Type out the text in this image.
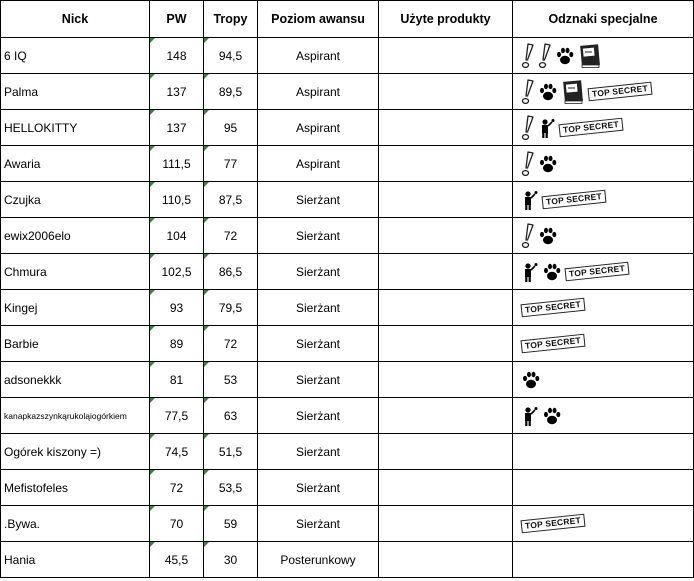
Nick	PW	Tropy	Poziom awansu	Użyte produkty	Odznaki specjalne
6 IQ	148	94,5	Aspirant		

Palma	137	89,5	Aspirant		TOP SECRET

HELLOKITTY	137	95	Aspirant		TOP SECRET

Awaria	111,5	77	Aspirant		

Czujka	110,5	87,5	Sierżant		TOP SECRET

ewix2006elo	104	72	Sierżant		

Chmura	102,5	86,5	Sierżant		TOP SECRET

Kingej	93	79,5	Sierżant		TOP SECRET

Barbie	89	72	Sierżant		TOP SECRET

adsonekkk	81	53	Sierżant		

kanapkazszynkąrukoląiogórkiem	77,5	63	Sierżant		

Ogórek kiszony =)	74,5	51,5	Sierżant		

Mefistofeles	72	53,5	Sierżant		

.Bywa.	70	59	Sierżant		TOP SECRET

Hania	45,5	30	Posterunkowy		
